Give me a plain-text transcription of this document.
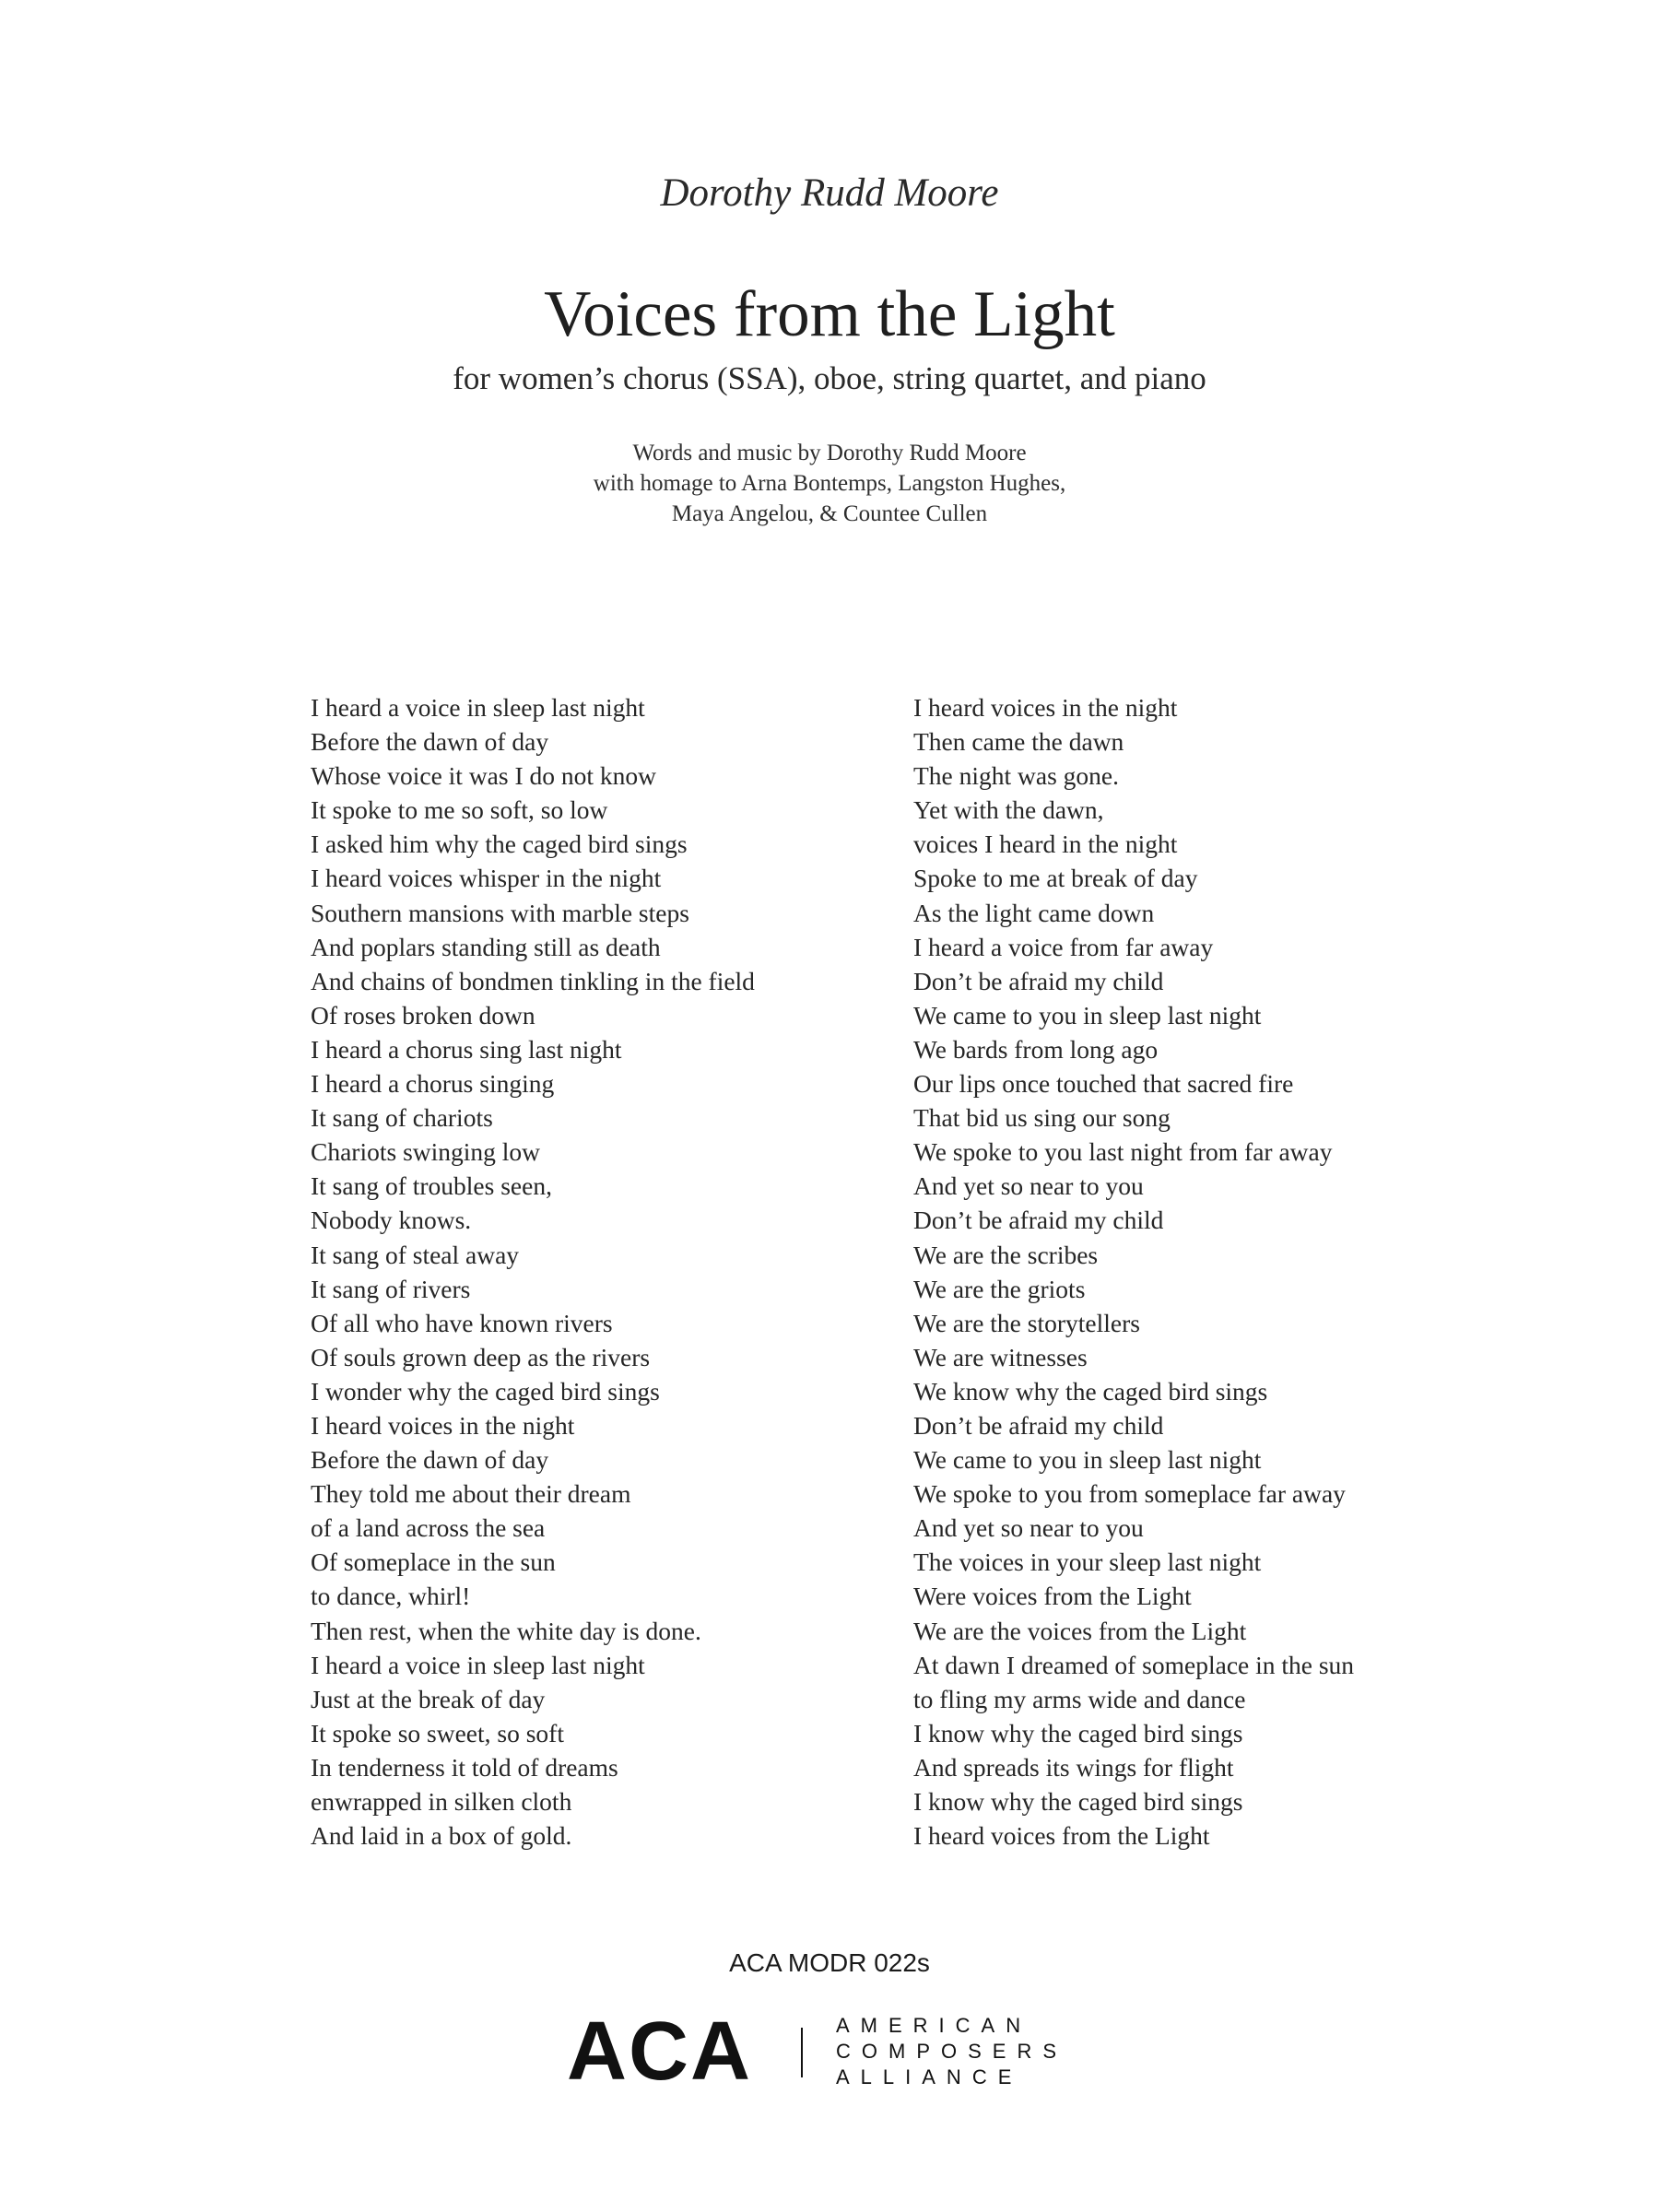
Dorothy Rudd Moore
Voices from the Light
for women’s chorus (SSA), oboe, string quartet, and piano
Words and music by Dorothy Rudd Moore
with homage to Arna Bontemps, Langston Hughes,
Maya Angelou, & Countee Cullen
I heard a voice in sleep last night
Before the dawn of day
Whose voice it was I do not know
It spoke to me so soft, so low
I asked him why the caged bird sings
I heard voices whisper in the night
Southern mansions with marble steps
And poplars standing still as death
And chains of bondmen tinkling in the field
Of roses broken down
I heard a chorus sing last night
I heard a chorus singing
It sang of chariots
Chariots swinging low
It sang of troubles seen,
Nobody knows.
It sang of steal away
It sang of rivers
Of all who have known rivers
Of souls grown deep as the rivers
I wonder why the caged bird sings
I heard voices in the night
Before the dawn of day
They told me about their dream
of a land across the sea
Of someplace in the sun
to dance, whirl!
Then rest, when the white day is done.
I heard a voice in sleep last night
Just at the break of day
It spoke so sweet, so soft
In tenderness it told of dreams
enwrapped in silken cloth
And laid in a box of gold.
I heard voices in the night
Then came the dawn
The night was gone.
Yet with the dawn,
voices I heard in the night
Spoke to me at break of day
As the light came down
I heard a voice from far away
Don’t be afraid my child
We came to you in sleep last night
We bards from long ago
Our lips once touched that sacred fire
That bid us sing our song
We spoke to you last night from far away
And yet so near to you
Don’t be afraid my child
We are the scribes
We are the griots
We are the storytellers
We are witnesses
We know why the caged bird sings
Don’t be afraid my child
We came to you in sleep last night
We spoke to you from someplace far away
And yet so near to you
The voices in your sleep last night
Were voices from the Light
We are the voices from the Light
At dawn I dreamed of someplace in the sun
to fling my arms wide and dance
I know why the caged bird sings
And spreads its wings for flight
I know why the caged bird sings
I heard voices from the Light
ACA MODR 022s
ACA	AMERICAN
COMPOSERS
ALLIANCE
